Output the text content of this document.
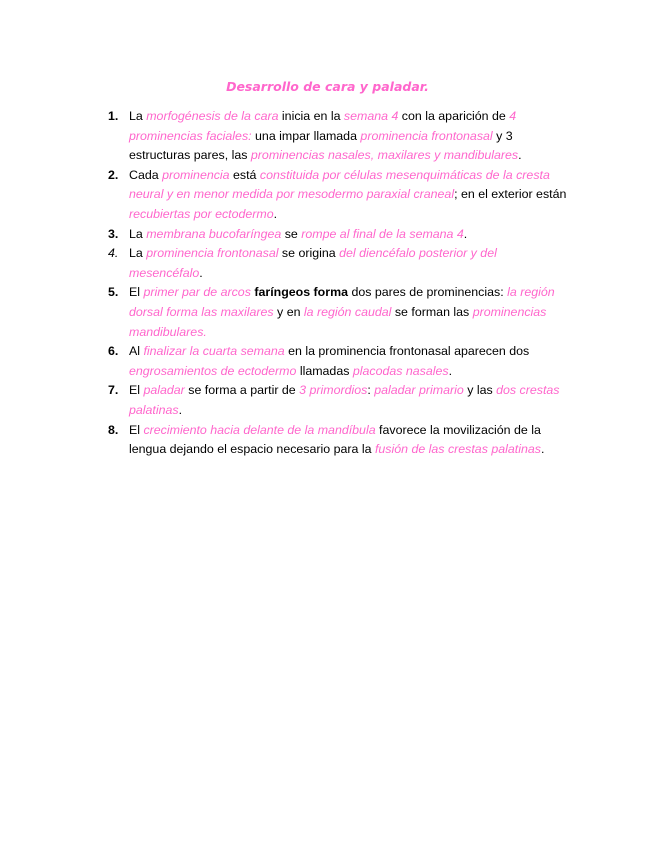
Desarrollo de cara y paladar.
1. La morfogénesis de la cara inicia en la semana 4 con la aparición de 4 prominencias faciales: una impar llamada prominencia frontonasal y 3 estructuras pares, las prominencias nasales, maxilares y mandibulares.
2. Cada prominencia está constituida por células mesenquimáticas de la cresta neural y en menor medida por mesodermo paraxial craneal; en el exterior están recubiertas por ectodermo.
3. La membrana bucofaríngea se rompe al final de la semana 4.
4. La prominencia frontonasal se origina del diencéfalo posterior y del mesencéfalo.
5. El primer par de arcos faríngeos forma dos pares de prominencias: la región dorsal forma las maxilares y en la región caudal se forman las prominencias mandibulares.
6. Al finalizar la cuarta semana en la prominencia frontonasal aparecen dos engrosamientos de ectodermo llamadas placodas nasales.
7. El paladar se forma a partir de 3 primordios: paladar primario y las dos crestas palatinas.
8. El crecimiento hacia delante de la mandíbula favorece la movilización de la lengua dejando el espacio necesario para la fusión de las crestas palatinas.
